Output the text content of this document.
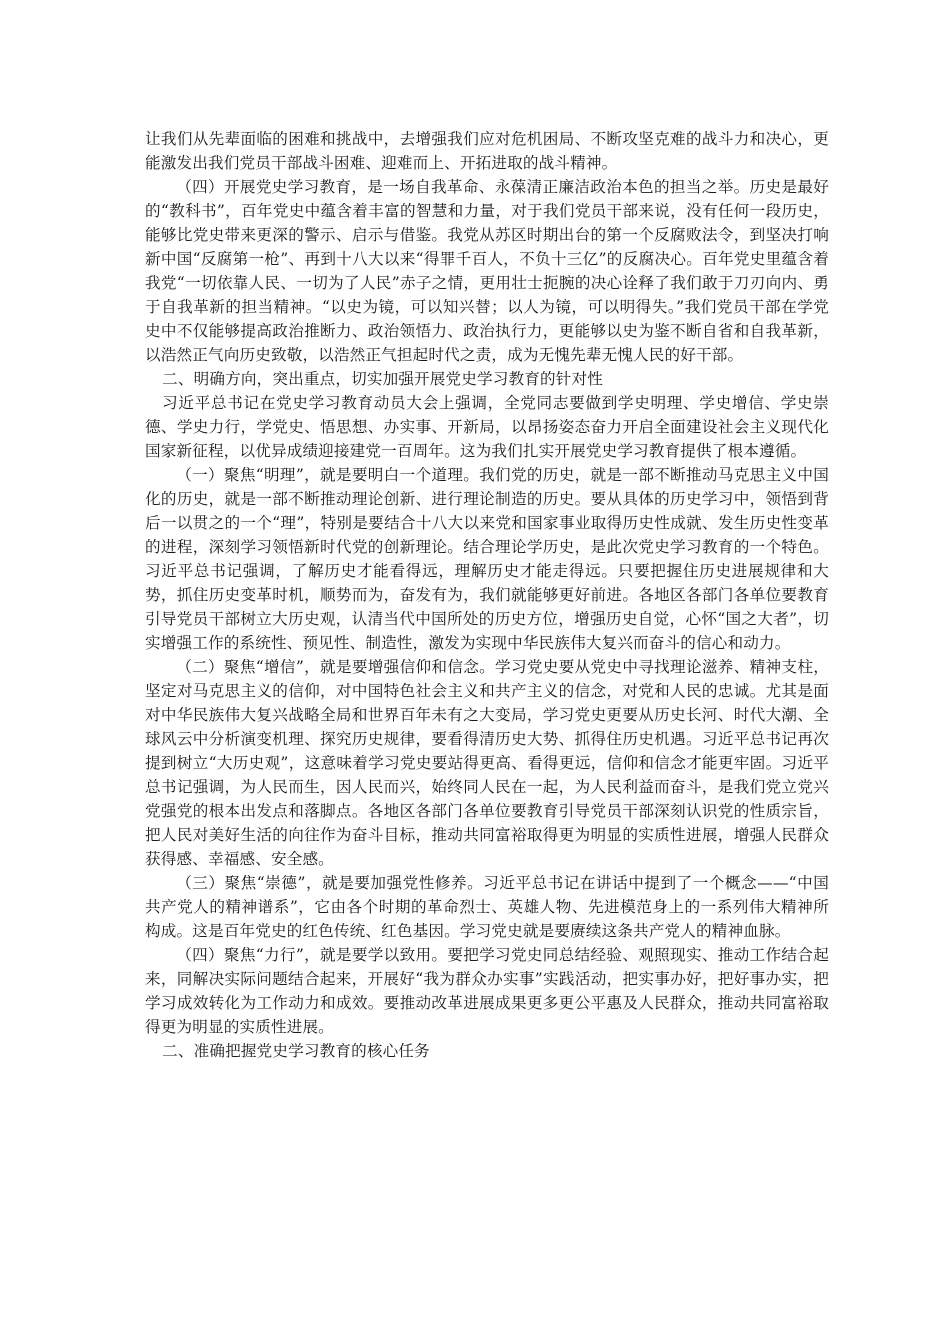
让我们从先辈面临的困难和挑战中，去增强我们应对危机困局、不断攻坚克难的战斗力和决心，更能激发出我们党员干部战斗困难、迎难而上、开拓进取的战斗精神。

（四）开展党史学习教育，是一场自我革命、永葆清正廉洁政治本色的担当之举。历史是最好的“教科书”，百年党史中蕴含着丰富的智慧和力量，对于我们党员干部来说，没有任何一段历史，能够比党史带来更深的警示、启示与借鉴。我党从苏区时期出台的第一个反腐败法令，到坚决打响新中国“反腐第一枪”、再到十八大以来“得罪千百人，不负十三亿”的反腐决心。百年党史里蕴含着我党“一切依靠人民、一切为了人民”赤子之情，更用壮士扼腕的决心诠释了我们敢于刀刃向内、勇于自我革新的担当精神。“以史为镜，可以知兴替；以人为镜，可以明得失。”我们党员干部在学党史中不仅能够提高政治推断力、政治领悟力、政治执行力，更能够以史为鉴不断自省和自我革新，以浩然正气向历史致敬，以浩然正气担起时代之责，成为无愧先辈无愧人民的好干部。

二、明确方向，突出重点，切实加强开展党史学习教育的针对性

习近平总书记在党史学习教育动员大会上强调，全党同志要做到学史明理、学史增信、学史崇德、学史力行，学党史、悟思想、办实事、开新局，以昂扬姿态奋力开启全面建设社会主义现代化国家新征程，以优异成绩迎接建党一百周年。这为我们扎实开展党史学习教育提供了根本遵循。

（一）聚焦“明理”，就是要明白一个道理。我们党的历史，就是一部不断推动马克思主义中国化的历史，就是一部不断推动理论创新、进行理论制造的历史。要从具体的历史学习中，领悟到背后一以贯之的一个“理”，特别是要结合十八大以来党和国家事业取得历史性成就、发生历史性变革的进程，深刻学习领悟新时代党的创新理论。结合理论学历史，是此次党史学习教育的一个特色。习近平总书记强调，了解历史才能看得远，理解历史才能走得远。只要把握住历史进展规律和大势，抓住历史变革时机，顺势而为，奋发有为，我们就能够更好前进。各地区各部门各单位要教育引导党员干部树立大历史观，认清当代中国所处的历史方位，增强历史自觉，心怀“国之大者”，切实增强工作的系统性、预见性、制造性，激发为实现中华民族伟大复兴而奋斗的信心和动力。

（二）聚焦“增信”，就是要增强信仰和信念。学习党史要从党史中寻找理论滋养、精神支柱，坚定对马克思主义的信仰，对中国特色社会主义和共产主义的信念，对党和人民的忠诚。尤其是面对中华民族伟大复兴战略全局和世界百年未有之大变局，学习党史更要从历史长河、时代大潮、全球风云中分析演变机理、探究历史规律，要看得清历史大势、抓得住历史机遇。习近平总书记再次提到树立“大历史观”，这意味着学习党史要站得更高、看得更远，信仰和信念才能更牢固。习近平总书记强调，为人民而生，因人民而兴，始终同人民在一起，为人民利益而奋斗，是我们党立党兴党强党的根本出发点和落脚点。各地区各部门各单位要教育引导党员干部深刻认识党的性质宗旨，把人民对美好生活的向往作为奋斗目标，推动共同富裕取得更为明显的实质性进展，增强人民群众获得感、幸福感、安全感。

（三）聚焦“崇德”，就是要加强党性修养。习近平总书记在讲话中提到了一个概念——“中国共产党人的精神谱系”，它由各个时期的革命烈士、英雄人物、先进模范身上的一系列伟大精神所构成。这是百年党史的红色传统、红色基因。学习党史就是要赓续这条共产党人的精神血脉。

（四）聚焦“力行”，就是要学以致用。要把学习党史同总结经验、观照现实、推动工作结合起来，同解决实际问题结合起来，开展好“我为群众办实事”实践活动，把实事办好，把好事办实，把学习成效转化为工作动力和成效。要推动改革进展成果更多更公平惠及人民群众，推动共同富裕取得更为明显的实质性进展。

二、准确把握党史学习教育的核心任务
